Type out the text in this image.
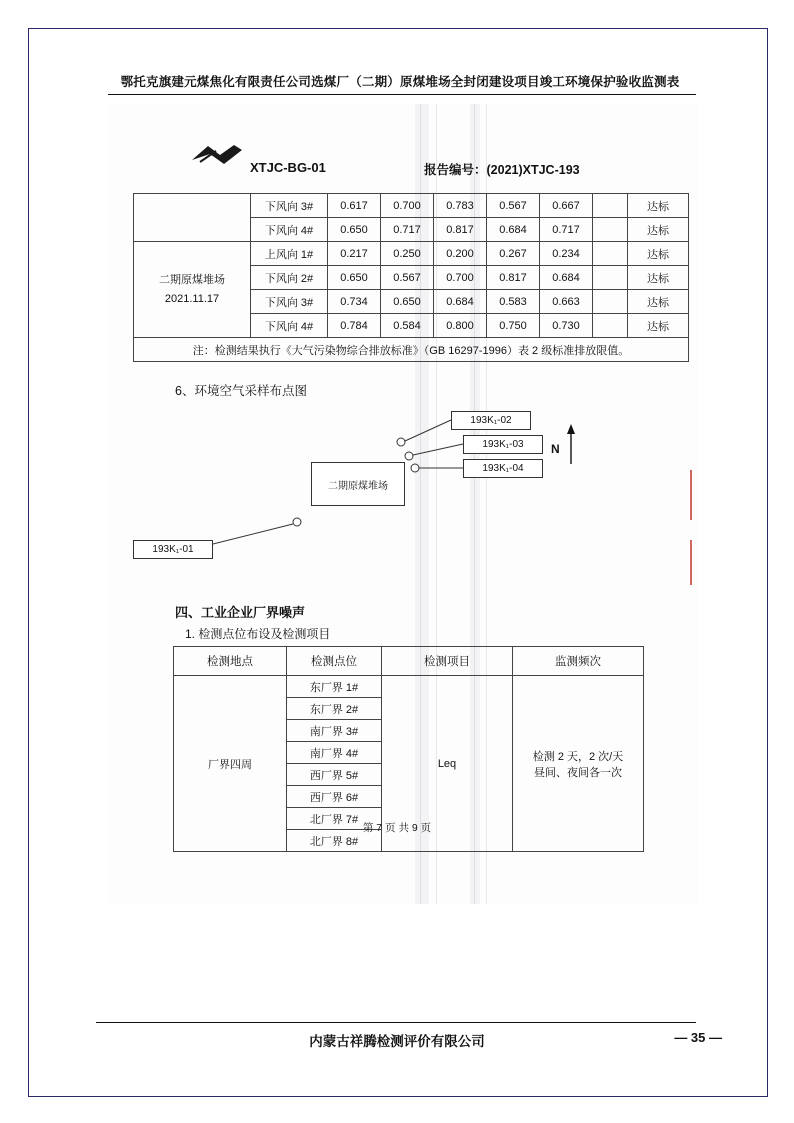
鄂托克旗建元煤焦化有限责任公司选煤厂（二期）原煤堆场全封闭建设项目竣工环境保护验收监测表
XTJC-BG-01	报告编号：(2021)XTJC-193
	下风向 3#	0.617	0.700	0.783	0.567	0.667		达标
	下风向 4#	0.650	0.717	0.817	0.684	0.717		达标
二期原煤堆场
2021.11.17	上风向 1#	0.217	0.250	0.200	0.267	0.234		达标
	下风向 2#	0.650	0.567	0.700	0.817	0.684		达标
	下风向 3#	0.734	0.650	0.684	0.583	0.663		达标
	下风向 4#	0.784	0.584	0.800	0.750	0.730		达标
注：检测结果执行《大气污染物综合排放标准》（GB 16297-1996）表 2 级标准排放限值。								
6、环境空气采样布点图
二期原煤堆场
193K₁-02
193K₁-03
193K₁-04
193K₁-01
N
四、工业企业厂界噪声
1. 检测点位布设及检测项目
检测地点	检测点位	检测项目	监测频次
厂界四周	东厂界 1#	Leq	检测 2 天，2 次/天
昼间、夜间各一次
	东厂界 2#		
	南厂界 3#		
	南厂界 4#		
	西厂界 5#		
	西厂界 6#		
	北厂界 7#		
	北厂界 8#		
第 7 页 共 9 页
内蒙古祥腾检测评价有限公司	— 35 —
